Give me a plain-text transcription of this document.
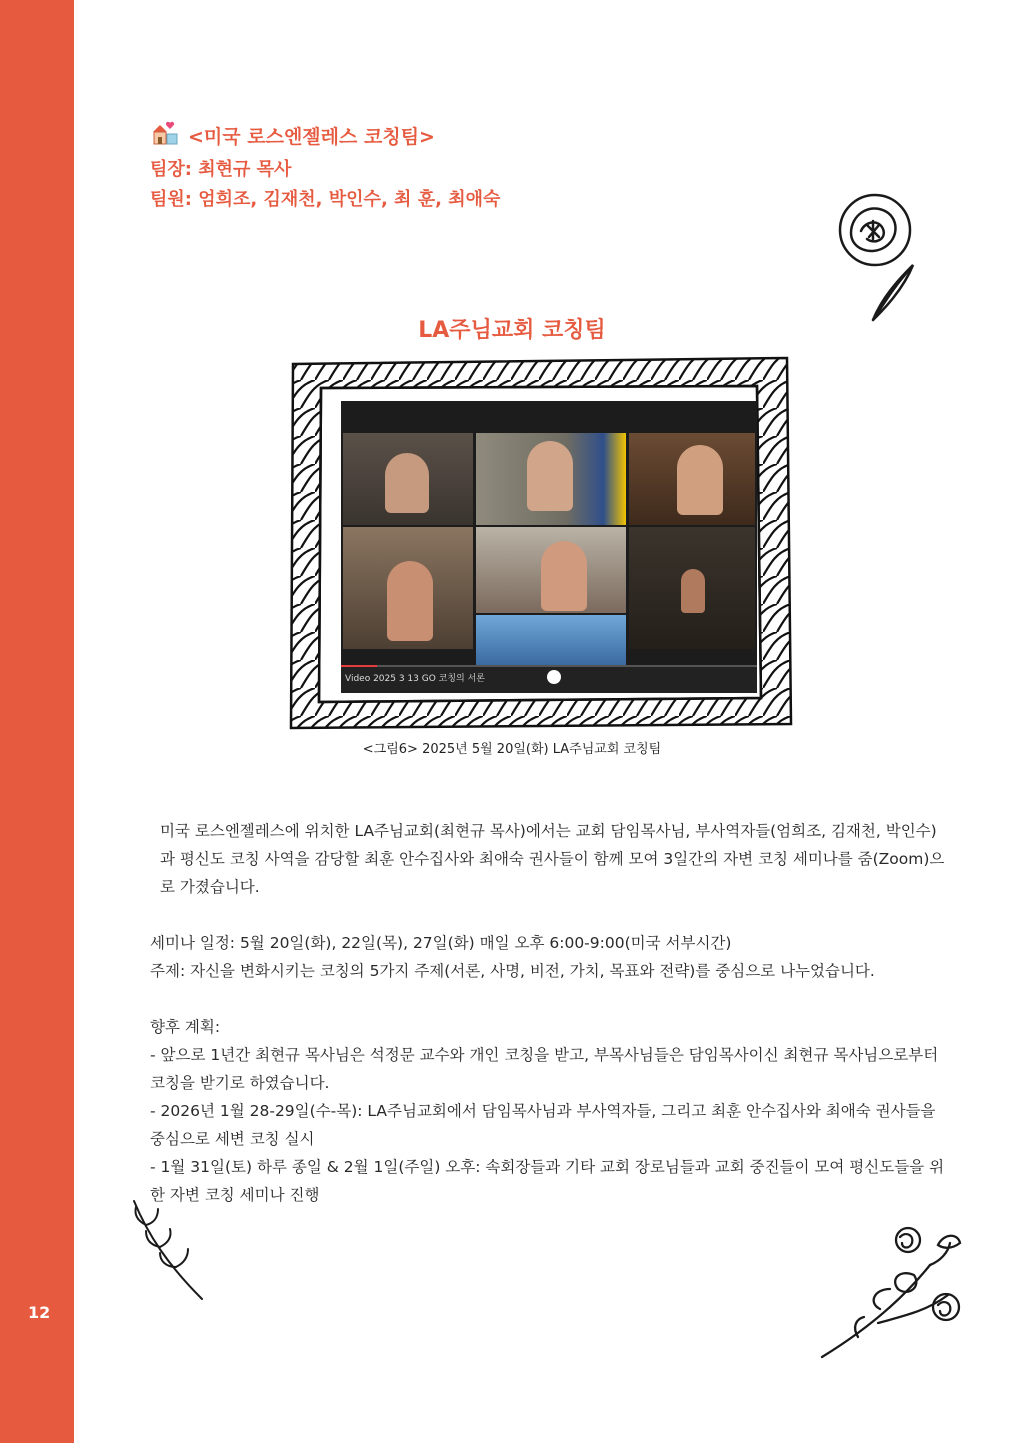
12
<미국 로스엔젤레스 코칭팀>
팀장: 최현규 목사
팀원: 엄희조, 김재천, 박인수, 최 훈, 최애숙
LA주님교회 코칭팀
Video 2025 3 13 GO 코칭의 서론
<그림6> 2025년 5월 20일(화) LA주님교회 코칭팀

미국 로스엔젤레스에 위치한 LA주님교회(최현규 목사)에서는 교회 담임목사님, 부사역자들(엄희조, 김재천, 박인수)과 평신도 코칭 사역을 감당할 최훈 안수집사와 최애숙 권사들이 함께 모여 3일간의 자변 코칭 세미나를 줌(Zoom)으로 가졌습니다.

세미나 일정: 5월 20일(화), 22일(목), 27일(화) 매일 오후 6:00-9:00(미국 서부시간)

주제: 자신을 변화시키는 코칭의 5가지 주제(서론, 사명, 비전, 가치, 목표와 전략)를 중심으로 나누었습니다.

향후 계획:

- 앞으로 1년간 최현규 목사님은 석정문 교수와 개인 코칭을 받고, 부목사님들은 담임목사이신 최현규 목사님으로부터 코칭을 받기로 하였습니다.

- 2026년 1월 28-29일(수-목): LA주님교회에서 담임목사님과 부사역자들, 그리고 최훈 안수집사와 최애숙 권사들을 중심으로 세변 코칭 실시

- 1월 31일(토) 하루 종일 & 2월 1일(주일) 오후: 속회장들과 기타 교회 장로님들과 교회 중진들이 모여 평신도들을 위한 자변 코칭 세미나 진행
